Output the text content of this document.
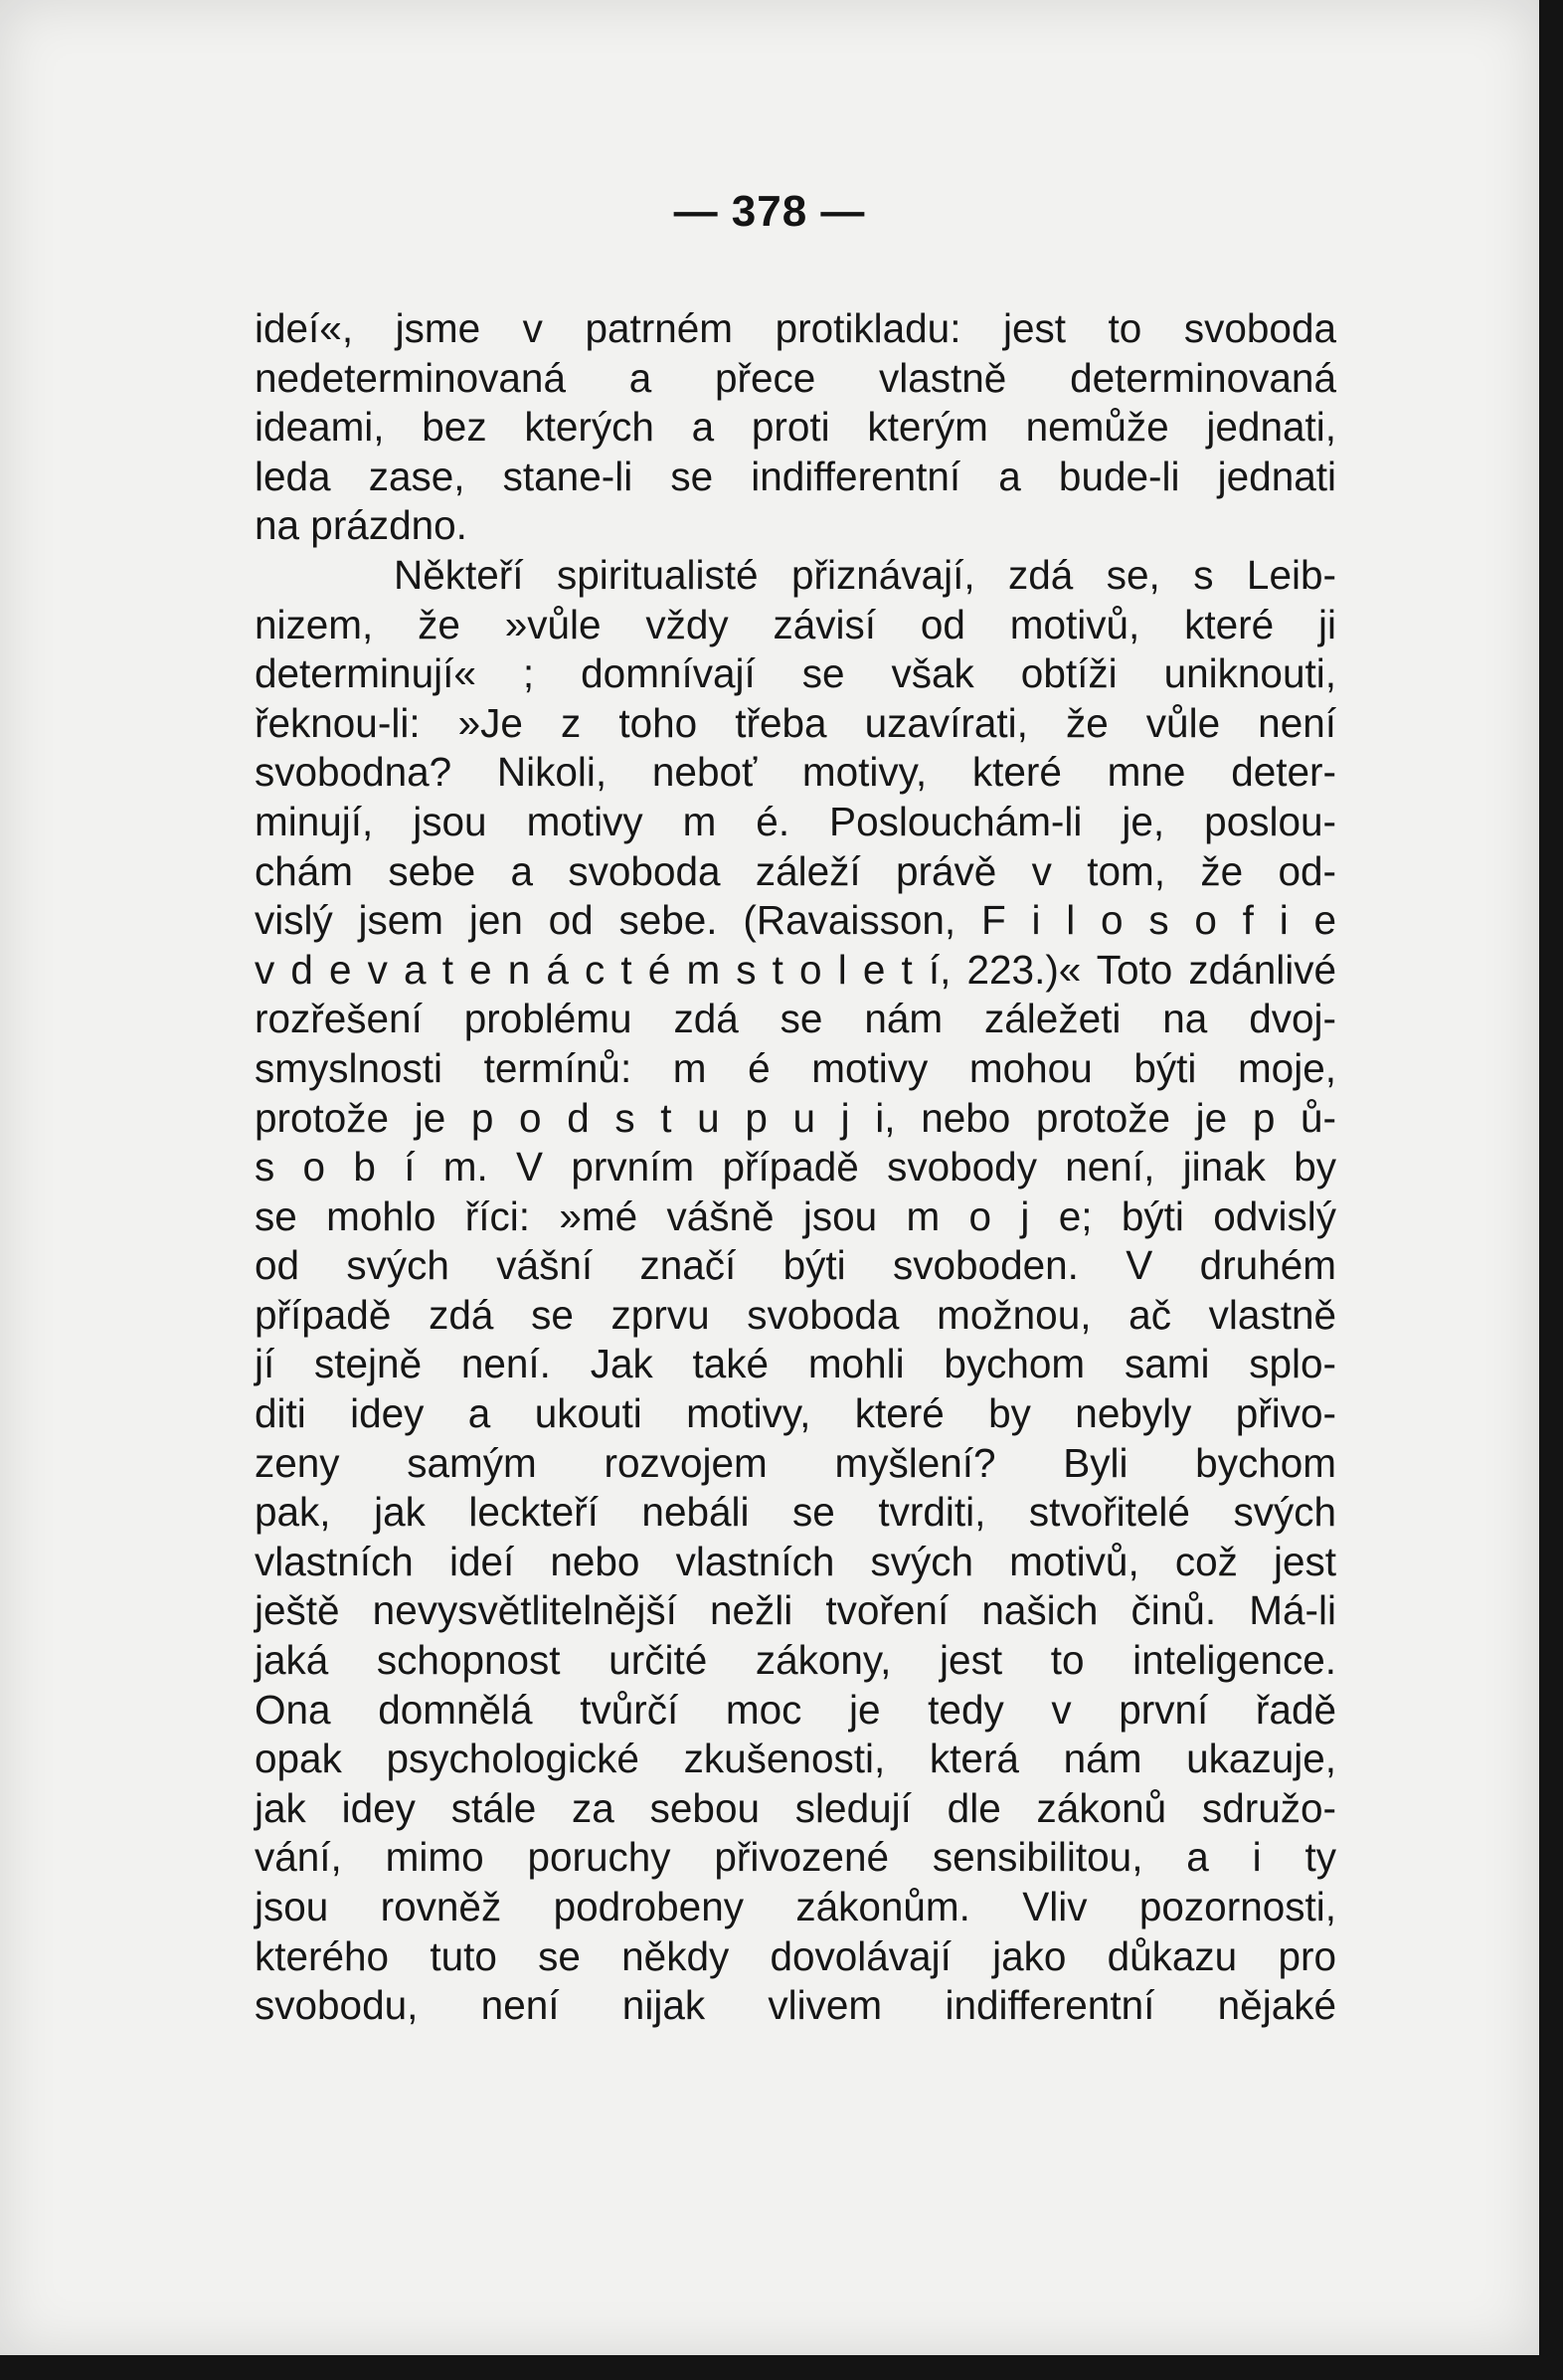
— 378 —
ideí«, jsme v patrném protikladu: jest to svoboda
nedeterminovaná a přece vlastně determinovaná
ideami, bez kterých a proti kterým nemůže jednati,
leda zase, stane-li se indifferentní a bude-li jednati
na prázdno.
Někteří spiritualisté přiznávají, zdá se, s Leib-
nizem, že »vůle vždy závisí od motivů, které ji
determinují« ; domnívají se však obtíži uniknouti,
řeknou-li: »Je z toho třeba uzavírati, že vůle není
svobodna? Nikoli, neboť motivy, které mne deter-
minují, jsou motivy m é. Poslouchám-li je, poslou-
chám sebe a svoboda záleží právě v tom, že od-
vislý jsem jen od sebe. (Ravaisson, F i l o s o f i e
v d e v a t e n á c t é m s t o l e t í, 223.)« Toto zdánlivé
rozřešení problému zdá se nám záležeti na dvoj-
smyslnosti termínů: m é motivy mohou býti moje,
protože je p o d s t u p u j i, nebo protože je p ů-
s o b í m. V prvním případě svobody není, jinak by
se mohlo říci: »mé vášně jsou m o j e; býti odvislý
od svých vášní značí býti svoboden. V druhém
případě zdá se zprvu svoboda možnou, ač vlastně
jí stejně není. Jak také mohli bychom sami splo-
diti idey a ukouti motivy, které by nebyly přivo-
zeny samým rozvojem myšlení? Byli bychom
pak, jak leckteří nebáli se tvrditi, stvořitelé svých
vlastních ideí nebo vlastních svých motivů, což jest
ještě nevysvětlitelnější nežli tvoření našich činů. Má-li
jaká schopnost určité zákony, jest to inteligence.
Ona domnělá tvůrčí moc je tedy v první řadě
opak psychologické zkušenosti, která nám ukazuje,
jak idey stále za sebou sledují dle zákonů sdružo-
vání, mimo poruchy přivozené sensibilitou, a i ty
jsou rovněž podrobeny zákonům. Vliv pozornosti,
kterého tuto se někdy dovolávají jako důkazu pro
svobodu, není nijak vlivem indifferentní nějaké
